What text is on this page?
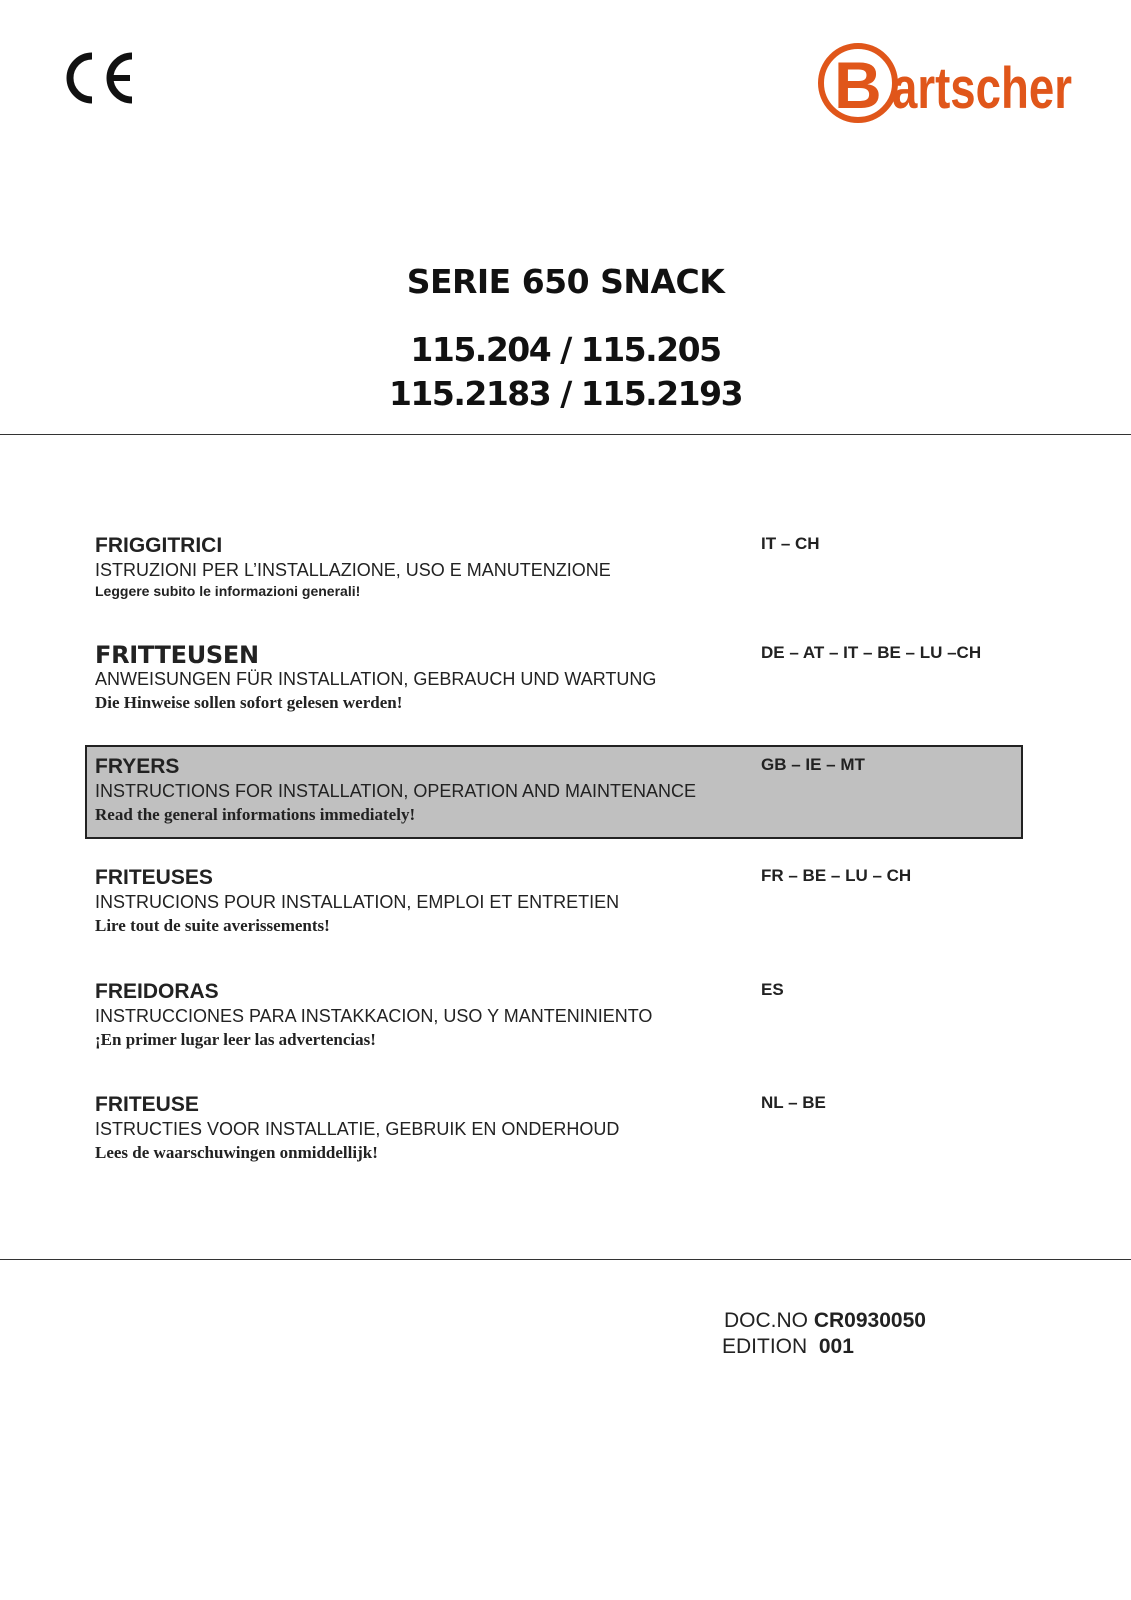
B artscher
SERIE 650 SNACK
115.204 / 115.205
115.2183 / 115.2193
FRIGGITRICI
ISTRUZIONI PER L’INSTALLAZIONE, USO E MANUTENZIONE
Leggere subito le informazioni generali!
IT – CH
FRITTEUSEN
ANWEISUNGEN FÜR INSTALLATION, GEBRAUCH UND WARTUNG
Die Hinweise sollen sofort gelesen werden!
DE – AT – IT – BE – LU –CH
FRYERS
INSTRUCTIONS FOR INSTALLATION, OPERATION AND MAINTENANCE
Read the general informations immediately!
GB – IE – MT
FRITEUSES
INSTRUCIONS POUR INSTALLATION, EMPLOI ET ENTRETIEN
Lire tout de suite averissements!
FR – BE – LU – CH
FREIDORAS
INSTRUCCIONES PARA INSTAKKACION, USO Y MANTENINIENTO
¡En primer lugar leer las advertencias!
ES
FRITEUSE
ISTRUCTIES VOOR INSTALLATIE, GEBRUIK EN ONDERHOUD
Lees de waarschuwingen onmiddellijk!
NL – BE
DOC.NO CR0930050
EDITION 001
